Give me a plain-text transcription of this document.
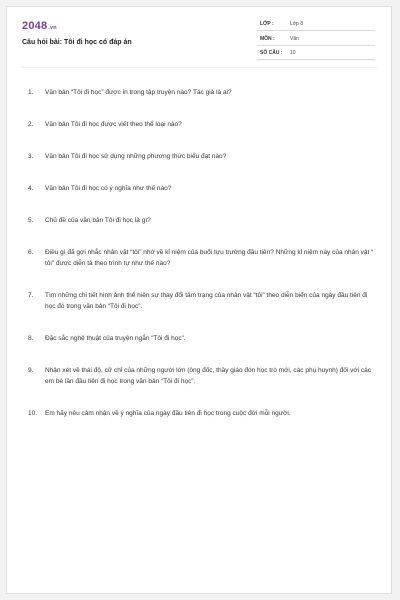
2048.vn
Câu hỏi bài: Tôi đi học có đáp án
LỚP :	Lớp 8
MÔN :	Văn
SỐ CÂU : 10
1. Văn bản “Tôi đi học” được in trong tập truyện nào? Tác giả là ai?
2. Văn bản Tôi đi học được viết theo thể loại nào?
3. Văn bản Tôi đi học sử dụng những phương thức biểu đạt nào?
4. Văn bản Tôi đi học có ý nghĩa như thế nào?
5. Chủ đề của văn bản Tôi đi học là gì?
6. Điều gì đã gợi nhắc nhân vật “tôi” nhớ về kỉ niệm của buổi tựu trường đầu tiên? Những kỉ niệm này của nhân vật “ tôi” được diễn tả theo trình tự như thế nào?
7. Tìm những chi tiết hình ảnh thể hiện sự thay đổi tâm trạng của nhân vật “tôi” theo diễn biến của ngày đầu tiên đi học đó trong văn bản “Tôi đi học”.
8. Đặc sắc nghệ thuật của truyện ngắn “Tôi đi học”.
9. Nhận xét về thái độ, cử chỉ của những người lớn (ông đốc, thầy giáo đón học trò mới, các phụ huynh) đối với các em bé lần đầu tiên đi học trong văn bản “Tôi đi học”.
10. Em hãy nêu cảm nhận về ý nghĩa của ngày đầu tiên đi học trong cuộc đời mỗi người.
